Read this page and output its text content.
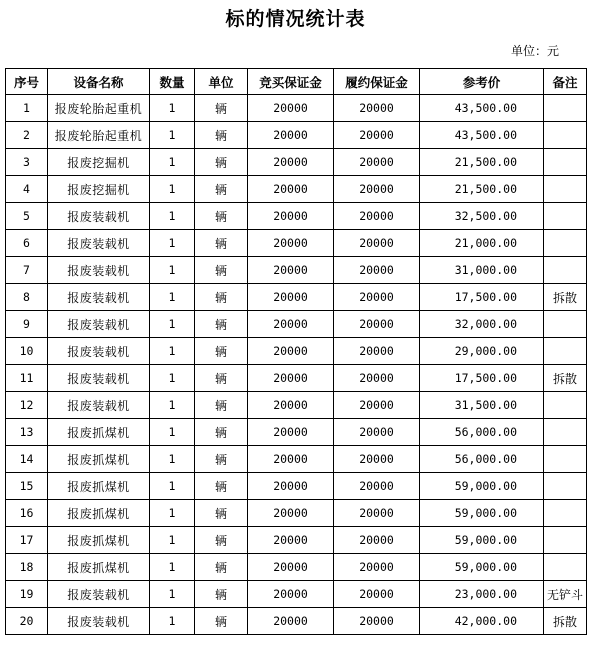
标的情况统计表
单位：元
序号	设备名称	数量	单位	竞买保证金	履约保证金	参考价	备注
1	报废轮胎起重机	1	辆	20000	20000	43,500.00	
2	报废轮胎起重机	1	辆	20000	20000	43,500.00	
3	报废挖掘机	1	辆	20000	20000	21,500.00	
4	报废挖掘机	1	辆	20000	20000	21,500.00	
5	报废装载机	1	辆	20000	20000	32,500.00	
6	报废装载机	1	辆	20000	20000	21,000.00	
7	报废装载机	1	辆	20000	20000	31,000.00	
8	报废装载机	1	辆	20000	20000	17,500.00	拆散
9	报废装载机	1	辆	20000	20000	32,000.00	
10	报废装载机	1	辆	20000	20000	29,000.00	
11	报废装载机	1	辆	20000	20000	17,500.00	拆散
12	报废装载机	1	辆	20000	20000	31,500.00	
13	报废抓煤机	1	辆	20000	20000	56,000.00	
14	报废抓煤机	1	辆	20000	20000	56,000.00	
15	报废抓煤机	1	辆	20000	20000	59,000.00	
16	报废抓煤机	1	辆	20000	20000	59,000.00	
17	报废抓煤机	1	辆	20000	20000	59,000.00	
18	报废抓煤机	1	辆	20000	20000	59,000.00	
19	报废装载机	1	辆	20000	20000	23,000.00	无铲斗
20	报废装载机	1	辆	20000	20000	42,000.00	拆散
